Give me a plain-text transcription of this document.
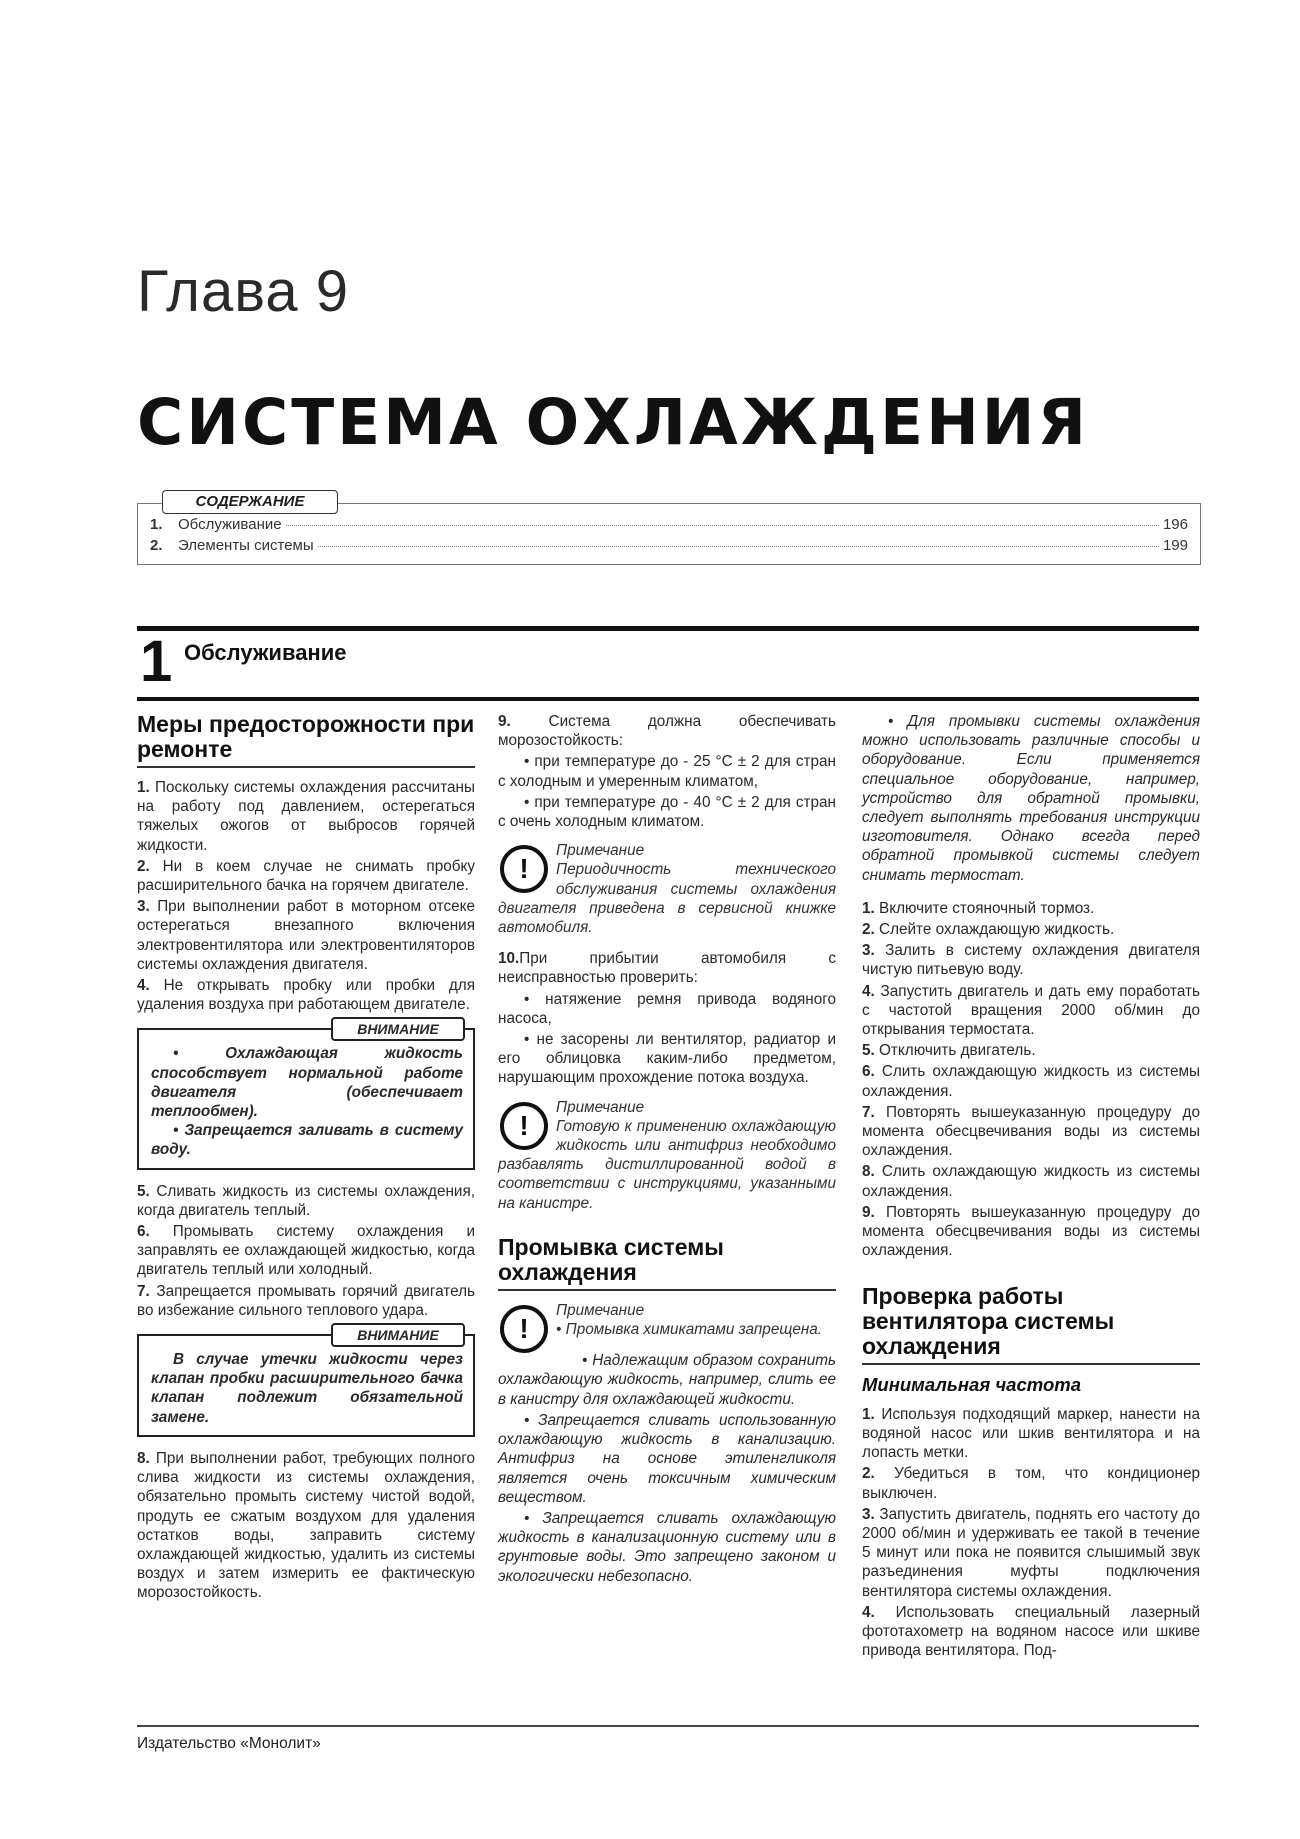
Глава 9
СИСТЕМА ОХЛАЖДЕНИЯ
СОДЕРЖАНИЕ
1.	Обслуживание	196
2.	Элементы системы	199
1 Обслуживание
Меры предосторожности при ремонте

1. Поскольку системы охлаждения рассчитаны на работу под давлением, остерегаться тяжелых ожогов от выбросов горячей жидкости.

2. Ни в коем случае не снимать пробку расширительного бачка на горячем двигателе.

3. При выполнении работ в моторном отсеке остерегаться внезапного включения электровентилятора или электровентиляторов системы охлаждения двигателя.

4. Не открывать пробку или пробки для удаления воздуха при работающем двигателе.

ВНИМАНИЕ

• Охлаждающая жидкость способствует нормальной работе двигателя (обеспечивает теплообмен).

• Запрещается заливать в систему воду.

5. Сливать жидкость из системы охлаждения, когда двигатель теплый.

6. Промывать систему охлаждения и заправлять ее охлаждающей жидкостью, когда двигатель теплый или холодный.

7. Запрещается промывать горячий двигатель во избежание сильного теплового удара.

ВНИМАНИЕ

В случае утечки жидкости через клапан пробки расширительного бачка клапан подлежит обязательной замене.

8. При выполнении работ, требующих полного слива жидкости из системы охлаждения, обязательно промыть систему чистой водой, продуть ее сжатым воздухом для удаления остатков воды, заправить систему охлаждающей жидкостью, удалить из системы воздух и затем измерить ее фактическую морозостойкость.

9. Система должна обеспечивать морозостойкость:

• при температуре до - 25 °С ± 2 для стран с холодным и умеренным климатом,

• при температуре до - 40 °С ± 2 для стран с очень холодным климатом.

!
Примечание

Периодичность технического обслуживания системы охлаждения двигателя приведена в сервисной книжке автомобиля.

10.При прибытии автомобиля с неисправностью проверить:

• натяжение ремня привода водяного насоса,

• не засорены ли вентилятор, радиатор и его облицовка каким-либо предметом, нарушающим прохождение потока воздуха.

!
Примечание

Готовую к применению охлаждающую жидкость или антифриз необходимо разбавлять дистиллированной водой в соответствии с инструкциями, указанными на канистре.

Промывка системы охлаждения
!
Примечание

• Промывка химикатами запрещена.

• Надлежащим образом сохранить охлаждающую жидкость, например, слить ее в канистру для охлаждающей жидкости.

• Запрещается сливать использованную охлаждающую жидкость в канализацию. Антифриз на основе этиленгликоля является очень токсичным химическим веществом.

• Запрещается сливать охлаждающую жидкость в канализационную систему или в грунтовые воды. Это запрещено законом и экологически небезопасно.

• Для промывки системы охлаждения можно использовать различные способы и оборудование. Если применяется специальное оборудование, например, устройство для обратной промывки, следует выполнять требования инструкции изготовителя. Однако всегда перед обратной промывкой системы следует снимать термостат.

1. Включите стояночный тормоз.

2. Слейте охлаждающую жидкость.

3. Залить в систему охлаждения двигателя чистую питьевую воду.

4. Запустить двигатель и дать ему поработать с частотой вращения 2000 об/мин до открывания термостата.

5. Отключить двигатель.

6. Слить охлаждающую жидкость из системы охлаждения.

7. Повторять вышеуказанную процедуру до момента обесцвечивания воды из системы охлаждения.

8. Слить охлаждающую жидкость из системы охлаждения.

9. Повторять вышеуказанную процедуру до момента обесцвечивания воды из системы охлаждения.

Проверка работы вентилятора системы охлаждения
Минимальная частота

1. Используя подходящий маркер, нанести на водяной насос или шкив вентилятора и на лопасть метки.

2. Убедиться в том, что кондиционер выключен.

3. Запустить двигатель, поднять его частоту до 2000 об/мин и удерживать ее такой в течение 5 минут или пока не появится слышимый звук разъединения муфты подключения вентилятора системы охлаждения.

4. Использовать специальный лазерный фототахометр на водяном насосе или шкиве привода вентилятора. Под-

Издательство «Монолит»
